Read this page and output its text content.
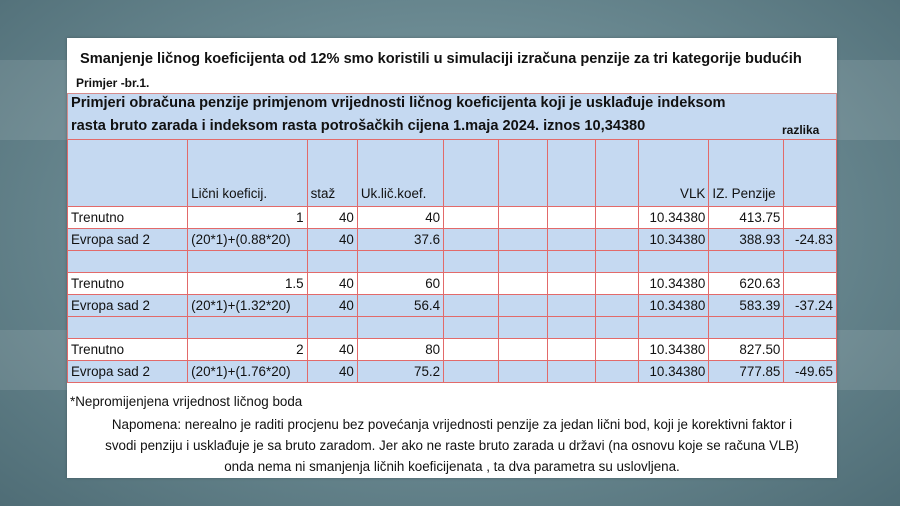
Smanjenje ličnog koeficijenta od 12% smo koristili u simulaciji izračuna penzije za tri kategorije budućih
Primjer -br.1.
Primjeri obračuna penzije primjenom vrijednosti ličnog koeficijenta koji je usklađuje indeksom
rasta bruto zarada i indeksom rasta potrošačkih cijena 1.maja 2024. iznos 10,34380	razlika
	Lični koeficij.	staž	Uk.lič.koef.					VLK	IZ. Penzije	
Trenutno	1	40	40					10.34380	413.75	
Evropa sad 2	(20*1)+(0.88*20)	40	37.6					10.34380	388.93	-24.83

Trenutno	1.5	40	60					10.34380	620.63	
Evropa sad 2	(20*1)+(1.32*20)	40	56.4					10.34380	583.39	-37.24

Trenutno	2	40	80					10.34380	827.50	
Evropa sad 2	(20*1)+(1.76*20)	40	75.2					10.34380	777.85	-49.65
*Nepromijenjena vrijednost ličnog boda
Napomena: nerealno je raditi procjenu bez povećanja vrijednosti penzije za jedan lični bod, koji je korektivni faktor i
svodi penziju i usklađuje je sa bruto zaradom. Jer ako ne raste bruto zarada u državi (na osnovu koje se računa VLB)
onda nema ni smanjenja ličnih koeficijenata , ta dva parametra su uslovljena.
